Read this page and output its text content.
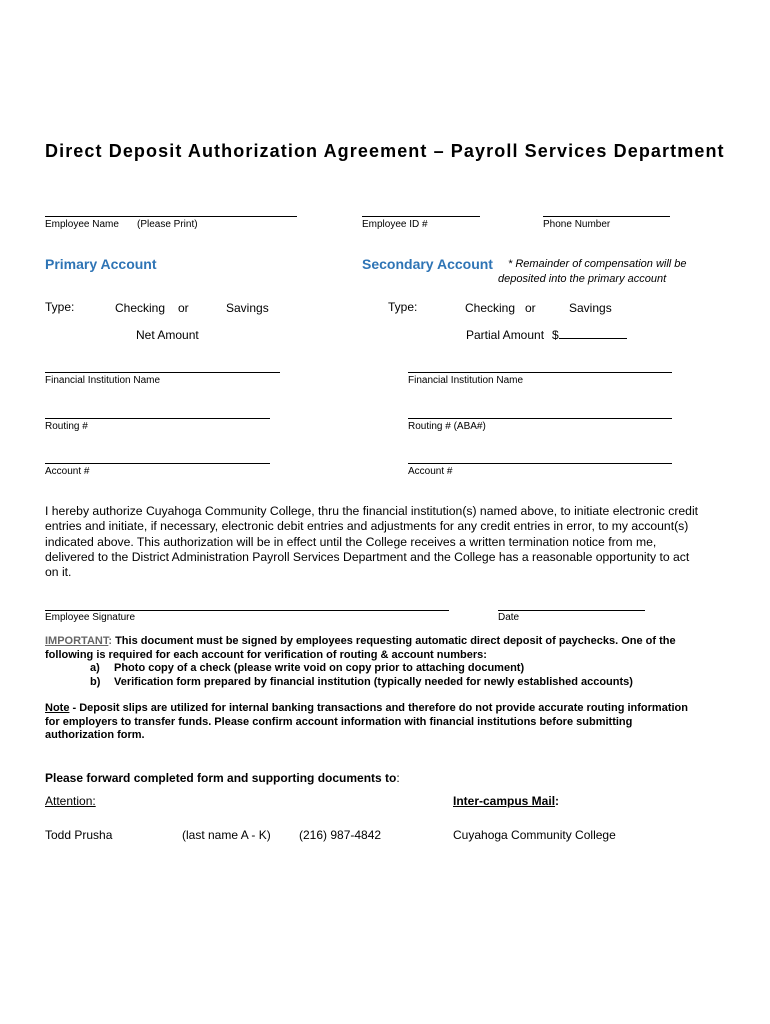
Direct Deposit Authorization Agreement – Payroll Services Department
Employee Name (Please Print)	Employee ID #	Phone Number
Primary Account	Secondary Account * Remainder of compensation will be
deposited into the primary account
Type:	Checking or	Savings	Type:	Checking or	Savings
Net Amount	Partial Amount $
Financial Institution Name	Financial Institution Name
Routing #	Routing # (ABA#)
Account #	Account #
I hereby authorize Cuyahoga Community College, thru the financial institution(s) named above, to initiate electronic credit
entries and initiate, if necessary, electronic debit entries and adjustments for any credit entries in error, to my account(s)
indicated above. This authorization will be in effect until the College receives a written termination notice from me,
delivered to the District Administration Payroll Services Department and the College has a reasonable opportunity to act
on it.
Employee Signature	Date
IMPORTANT: This document must be signed by employees requesting automatic direct deposit of paychecks. One of the
following is required for each account for verification of routing & account numbers:
a) Photo copy of a check (please write void on copy prior to attaching document)
b) Verification form prepared by financial institution (typically needed for newly established accounts)
Note - Deposit slips are utilized for internal banking transactions and therefore do not provide accurate routing information
for employers to transfer funds. Please confirm account information with financial institutions before submitting
authorization form.
Please forward completed form and supporting documents to:
Attention:	Inter-campus Mail:
Todd Prusha	(last name A - K) (216) 987-4842	Cuyahoga Community College
